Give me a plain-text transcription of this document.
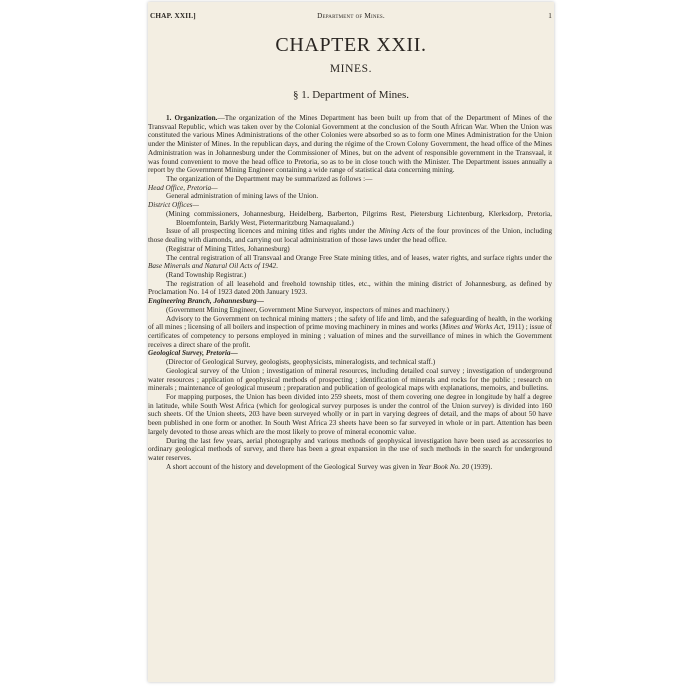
CHAP. XXII.]	Department of Mines.	1
CHAPTER XXII.
MINES.
§ 1. Department of Mines.

1. Organization.—The organization of the Mines Department has been built up from that of the Department of Mines of the Transvaal Republic, which was taken over by the Colonial Government at the conclusion of the South African War. When the Union was constituted the various Mines Administrations of the other Colonies were absorbed so as to form one Mines Administration for the Union under the Minister of Mines. In the republican days, and during the régime of the Crown Colony Government, the head office of the Mines Administration was in Johannesburg under the Commissioner of Mines, but on the advent of responsible government in the Transvaal, it was found convenient to move the head office to Pretoria, so as to be in close touch with the Minister. The Department issues annually a report by the Government Mining Engineer containing a wide range of statistical data concerning mining.

The organization of the Department may be summarized as follows :—

Head Office, Pretoria—

General administration of mining laws of the Union.

District Offices—

(Mining commissioners, Johannesburg, Heidelberg, Barberton, Pilgrims Rest, Pietersburg Lichtenburg, Klerksdorp, Pretoria, Bloemfontein, Barkly West, Pietermaritzburg Namaqualand.)

Issue of all prospecting licences and mining titles and rights under the Mining Acts of the four provinces of the Union, including those dealing with diamonds, and carrying out local administration of those laws under the head office.

(Registrar of Mining Titles, Johannesburg)

The central registration of all Transvaal and Orange Free State mining titles, and of leases, water rights, and surface rights under the Base Minerals and Natural Oil Acts of 1942.

(Rand Township Registrar.)

The registration of all leasehold and freehold township titles, etc., within the mining district of Johannesburg, as defined by Proclamation No. 14 of 1923 dated 20th January 1923.

Engineering Branch, Johannesburg—

(Government Mining Engineer, Government Mine Surveyor, inspectors of mines and machinery.)

Advisory to the Government on technical mining matters ; the safety of life and limb, and the safeguarding of health, in the working of all mines ; licensing of all boilers and inspection of prime moving machinery in mines and works (Mines and Works Act, 1911) ; issue of certificates of competency to persons employed in mining ; valuation of mines and the surveillance of mines in which the Government receives a direct share of the profit.

Geological Survey, Pretoria—

(Director of Geological Survey, geologists, geophysicists, mineralogists, and technical staff.)

Geological survey of the Union ; investigation of mineral resources, including detailed coal survey ; investigation of underground water resources ; application of geophysical methods of prospecting ; identification of minerals and rocks for the public ; research on minerals ; maintenance of geological museum ; preparation and publication of geological maps with explanations, memoirs, and bulletins.

For mapping purposes, the Union has been divided into 259 sheets, most of them covering one degree in longitude by half a degree in latitude, while South West Africa (which for geological survey purposes is under the control of the Union survey) is divided into 160 such sheets. Of the Union sheets, 203 have been surveyed wholly or in part in varying degrees of detail, and the maps of about 50 have been published in one form or another. In South West Africa 23 sheets have been so far surveyed in whole or in part. Attention has been largely devoted to those areas which are the most likely to prove of mineral economic value.

During the last few years, aerial photography and various methods of geophysical investigation have been used as accessories to ordinary geological methods of survey, and there has been a great expansion in the use of such methods in the search for underground water reserves.

A short account of the history and development of the Geological Survey was given in Year Book No. 20 (1939).
